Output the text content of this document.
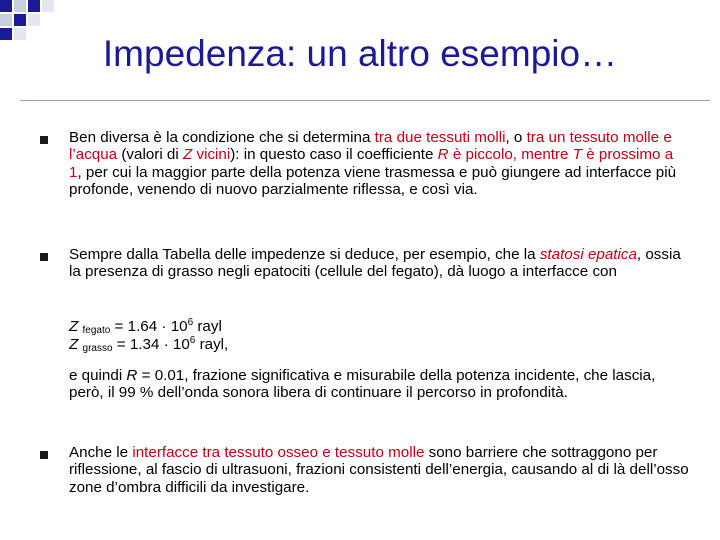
Impedenza: un altro esempio…
Ben diversa è la condizione che si determina tra due tessuti molli, o tra un tessuto molle e l’acqua (valori di Z vicini): in questo caso il coefficiente R è piccolo, mentre T è prossimo a 1, per cui la maggior parte della potenza viene trasmessa e può giungere ad interfacce più profonde, venendo di nuovo parzialmente riflessa, e così via.
Sempre dalla Tabella delle impedenze si deduce, per esempio, che la statosi epatica, ossia la presenza di grasso negli epatociti (cellule del fegato), dà luogo a interfacce con
Z $_{fegato} = 1.64 \cdot 10^6$ rayl
Z $_{grasso} = 1.34 \cdot 10^6$ rayl,
e quindi R = 0.01, frazione significativa e misurabile della potenza incidente, che lascia, però, il 99 % dell’onda sonora libera di continuare il percorso in profondità.
Anche le interfacce tra tessuto osseo e tessuto molle sono barriere che sottraggono per riflessione, al fascio di ultrasuoni, frazioni consistenti dell’energia, causando al di là dell’osso zone d’ombra difficili da investigare.
